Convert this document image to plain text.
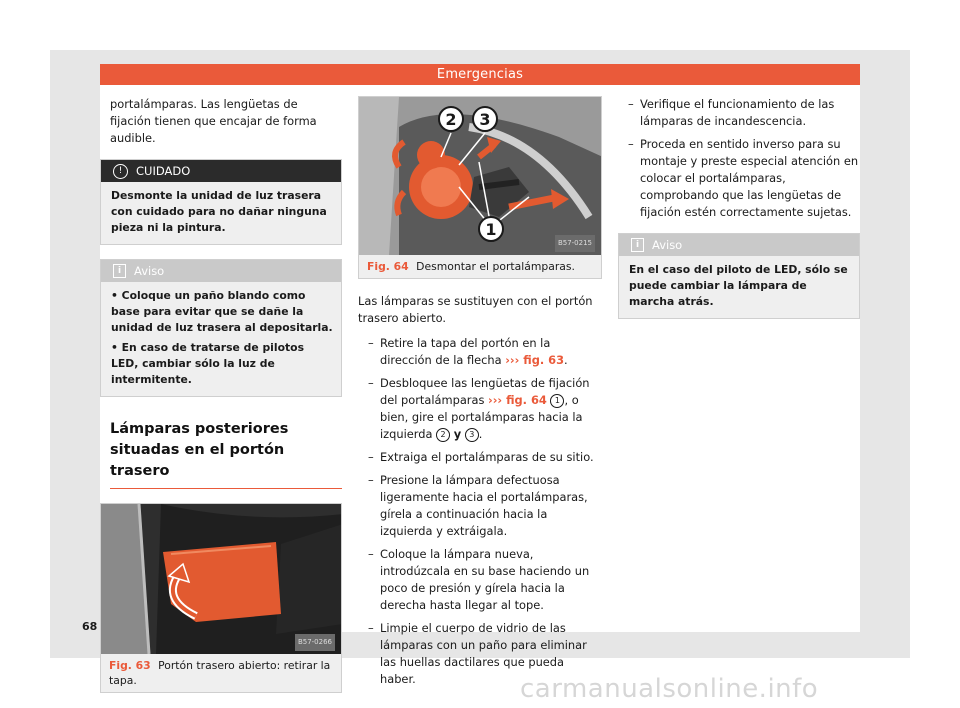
Emergencias

portalámparas. Las lengüetas de fijación tienen que encajar de forma audible.

!	CUIDADO

Desmonte la unidad de luz trasera con cuidado para no dañar ninguna pieza ni la pintura.

i	Aviso

• Coloque un paño blando como base para evitar que se dañe la unidad de luz trasera al depositarla.

• En caso de tratarse de pilotos LED, cambiar sólo la luz de intermitente.

Lámparas posteriores situadas en el portón trasero
B57-0266
Fig. 63 Portón trasero abierto: retirar la tapa.
2 3
1
B57-0215
Fig. 64 Desmontar el portalámparas.

Las lámparas se sustituyen con el portón trasero abierto.

– Retire la tapa del portón en la dirección de la flecha ››› fig. 63.
– Desbloquee las lengüetas de fijación del portalámparas ››› fig. 64 1 , o bien, gire el portalámparas hacia la izquierda 2 y 3 .
– Extraiga el portalámparas de su sitio.
– Presione la lámpara defectuosa ligeramente hacia el portalámparas, gírela a continuación hacia la izquierda y extráigala.
– Coloque la lámpara nueva, introdúzcala en su base haciendo un poco de presión y gírela hacia la derecha hasta llegar al tope.
– Limpie el cuerpo de vidrio de las lámparas con un paño para eliminar las huellas dactilares que pueda haber.
– Verifique el funcionamiento de las lámparas de incandescencia.
– Proceda en sentido inverso para su montaje y preste especial atención en colocar el portalámparas, comprobando que las lengüetas de fijación estén correctamente sujetas.
i	Aviso

En el caso del piloto de LED, sólo se puede cambiar la lámpara de marcha atrás.

68
carmanualsonline.info
